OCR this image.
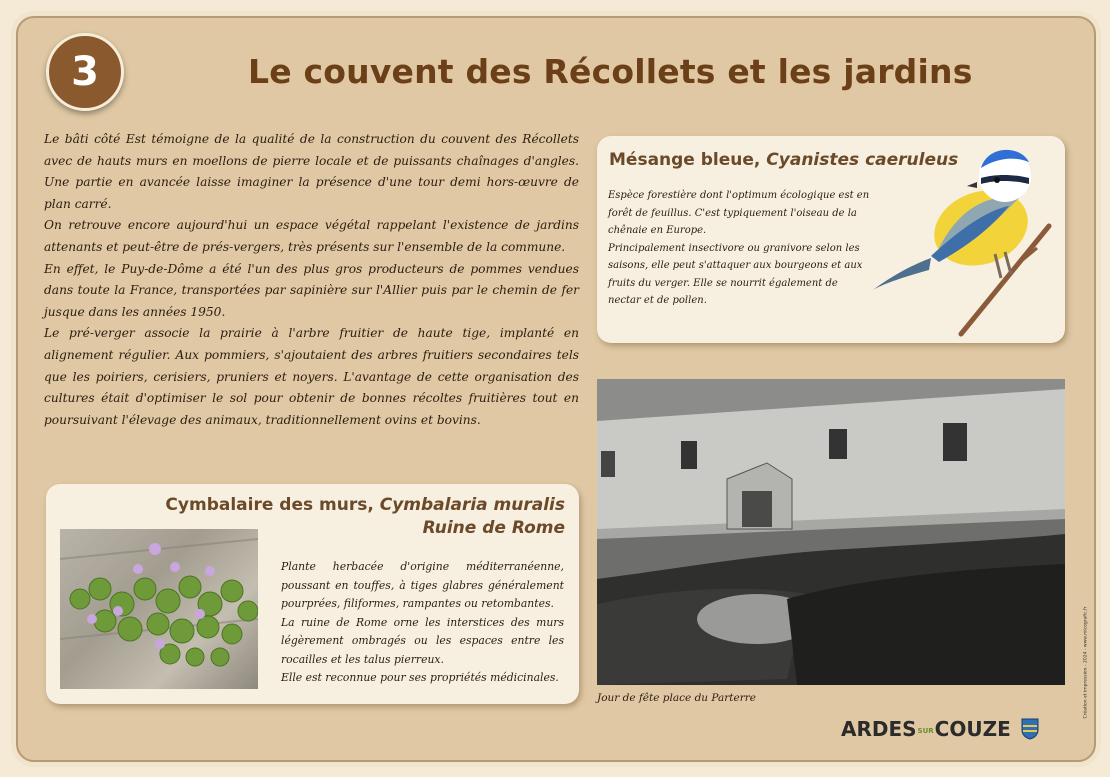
3	Le couvent des Récollets et les jardins

Le bâti côté Est témoigne de la qualité de la construction du couvent des Récollets avec de hauts murs en moellons de pierre locale et de puissants chaînages d'angles. Une partie en avancée laisse imaginer la présence d'une tour demi hors-œuvre de plan carré.

On retrouve encore aujourd'hui un espace végétal rappelant l'existence de jardins attenants et peut-être de prés-vergers, très présents sur l'ensemble de la commune.

En effet, le Puy-de-Dôme a été l'un des plus gros producteurs de pommes vendues dans toute la France, transportées par sapinière sur l'Allier puis par le chemin de fer jusque dans les années 1950.

Le pré-verger associe la prairie à l'arbre fruitier de haute tige, implanté en alignement régulier. Aux pommiers, s'ajoutaient des arbres fruitiers secondaires tels que les poiriers, cerisiers, pruniers et noyers. L'avantage de cette organisation des cultures était d'optimiser le sol pour obtenir de bonnes récoltes fruitières tout en poursuivant l'élevage des animaux, traditionnellement ovins et bovins.

Mésange bleue, Cyanistes caeruleus

Espèce forestière dont l'optimum écologique est en forêt de feuillus. C'est typiquement l'oiseau de la chênaie en Europe.

Principalement insectivore ou granivore selon les saisons, elle peut s'attaquer aux bourgeons et aux fruits du verger. Elle se nourrit également de nectar et de pollen.

Cymbalaire des murs, Cymbalaria muralis
Ruine de Rome

Plante herbacée d'origine méditerranéenne, poussant en touffes, à tiges glabres généralement pourprées, filiformes, rampantes ou retombantes.

La ruine de Rome orne les interstices des murs légèrement ombragés ou les espaces entre les rocailles et les talus pierreux.

Elle est reconnue pour ses propriétés médicinales.

Jour de fête place du Parterre	Création et impression - 2024 - www.micografic.fr
ARDESSURCOUZE
